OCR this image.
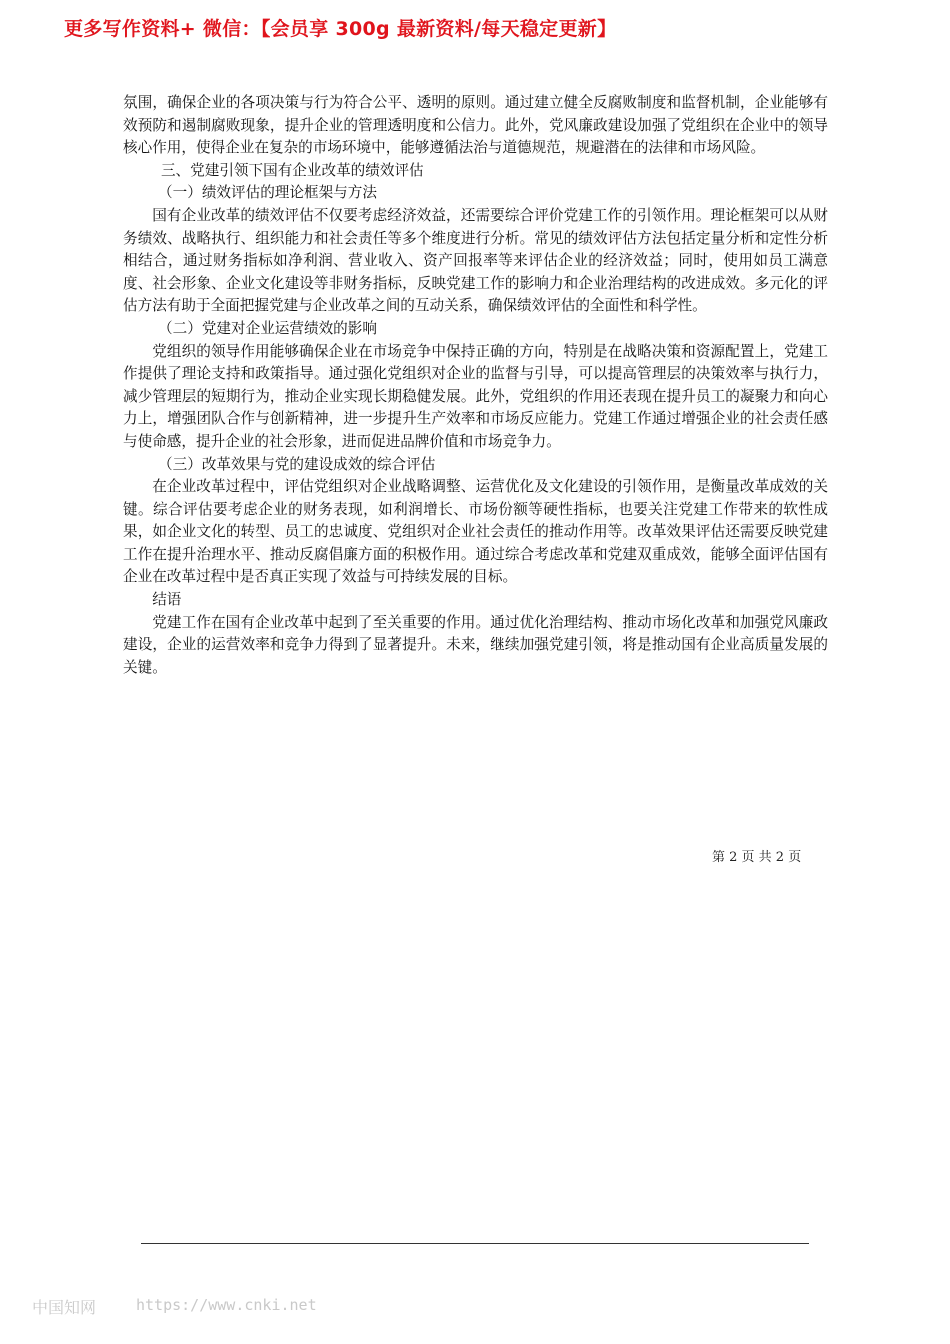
更多写作资料+ 微信：【会员享 300g 最新资料/每天稳定更新】

氛围，确保企业的各项决策与行为符合公平、透明的原则。通过建立健全反腐败制度和监督机制，企业能够有效预防和遏制腐败现象，提升企业的管理透明度和公信力。此外，党风廉政建设加强了党组织在企业中的领导核心作用，使得企业在复杂的市场环境中，能够遵循法治与道德规范，规避潜在的法律和市场风险。

三、党建引领下国有企业改革的绩效评估

（一）绩效评估的理论框架与方法

国有企业改革的绩效评估不仅要考虑经济效益，还需要综合评价党建工作的引领作用。理论框架可以从财务绩效、战略执行、组织能力和社会责任等多个维度进行分析。常见的绩效评估方法包括定量分析和定性分析相结合，通过财务指标如净利润、营业收入、资产回报率等来评估企业的经济效益；同时，使用如员工满意度、社会形象、企业文化建设等非财务指标，反映党建工作的影响力和企业治理结构的改进成效。多元化的评估方法有助于全面把握党建与企业改革之间的互动关系，确保绩效评估的全面性和科学性。

（二）党建对企业运营绩效的影响

党组织的领导作用能够确保企业在市场竞争中保持正确的方向，特别是在战略决策和资源配置上，党建工作提供了理论支持和政策指导。通过强化党组织对企业的监督与引导，可以提高管理层的决策效率与执行力，减少管理层的短期行为，推动企业实现长期稳健发展。此外，党组织的作用还表现在提升员工的凝聚力和向心力上，增强团队合作与创新精神，进一步提升生产效率和市场反应能力。党建工作通过增强企业的社会责任感与使命感，提升企业的社会形象，进而促进品牌价值和市场竞争力。

（三）改革效果与党的建设成效的综合评估

在企业改革过程中，评估党组织对企业战略调整、运营优化及文化建设的引领作用，是衡量改革成效的关键。综合评估要考虑企业的财务表现，如利润增长、市场份额等硬性指标，也要关注党建工作带来的软性成果，如企业文化的转型、员工的忠诚度、党组织对企业社会责任的推动作用等。改革效果评估还需要反映党建工作在提升治理水平、推动反腐倡廉方面的积极作用。通过综合考虑改革和党建双重成效，能够全面评估国有企业在改革过程中是否真正实现了效益与可持续发展的目标。

结语

党建工作在国有企业改革中起到了至关重要的作用。通过优化治理结构、推动市场化改革和加强党风廉政建设，企业的运营效率和竞争力得到了显著提升。未来，继续加强党建引领，将是推动国有企业高质量发展的关键。

第 2 页 共 2 页
中国知网	https://www.cnki.net
